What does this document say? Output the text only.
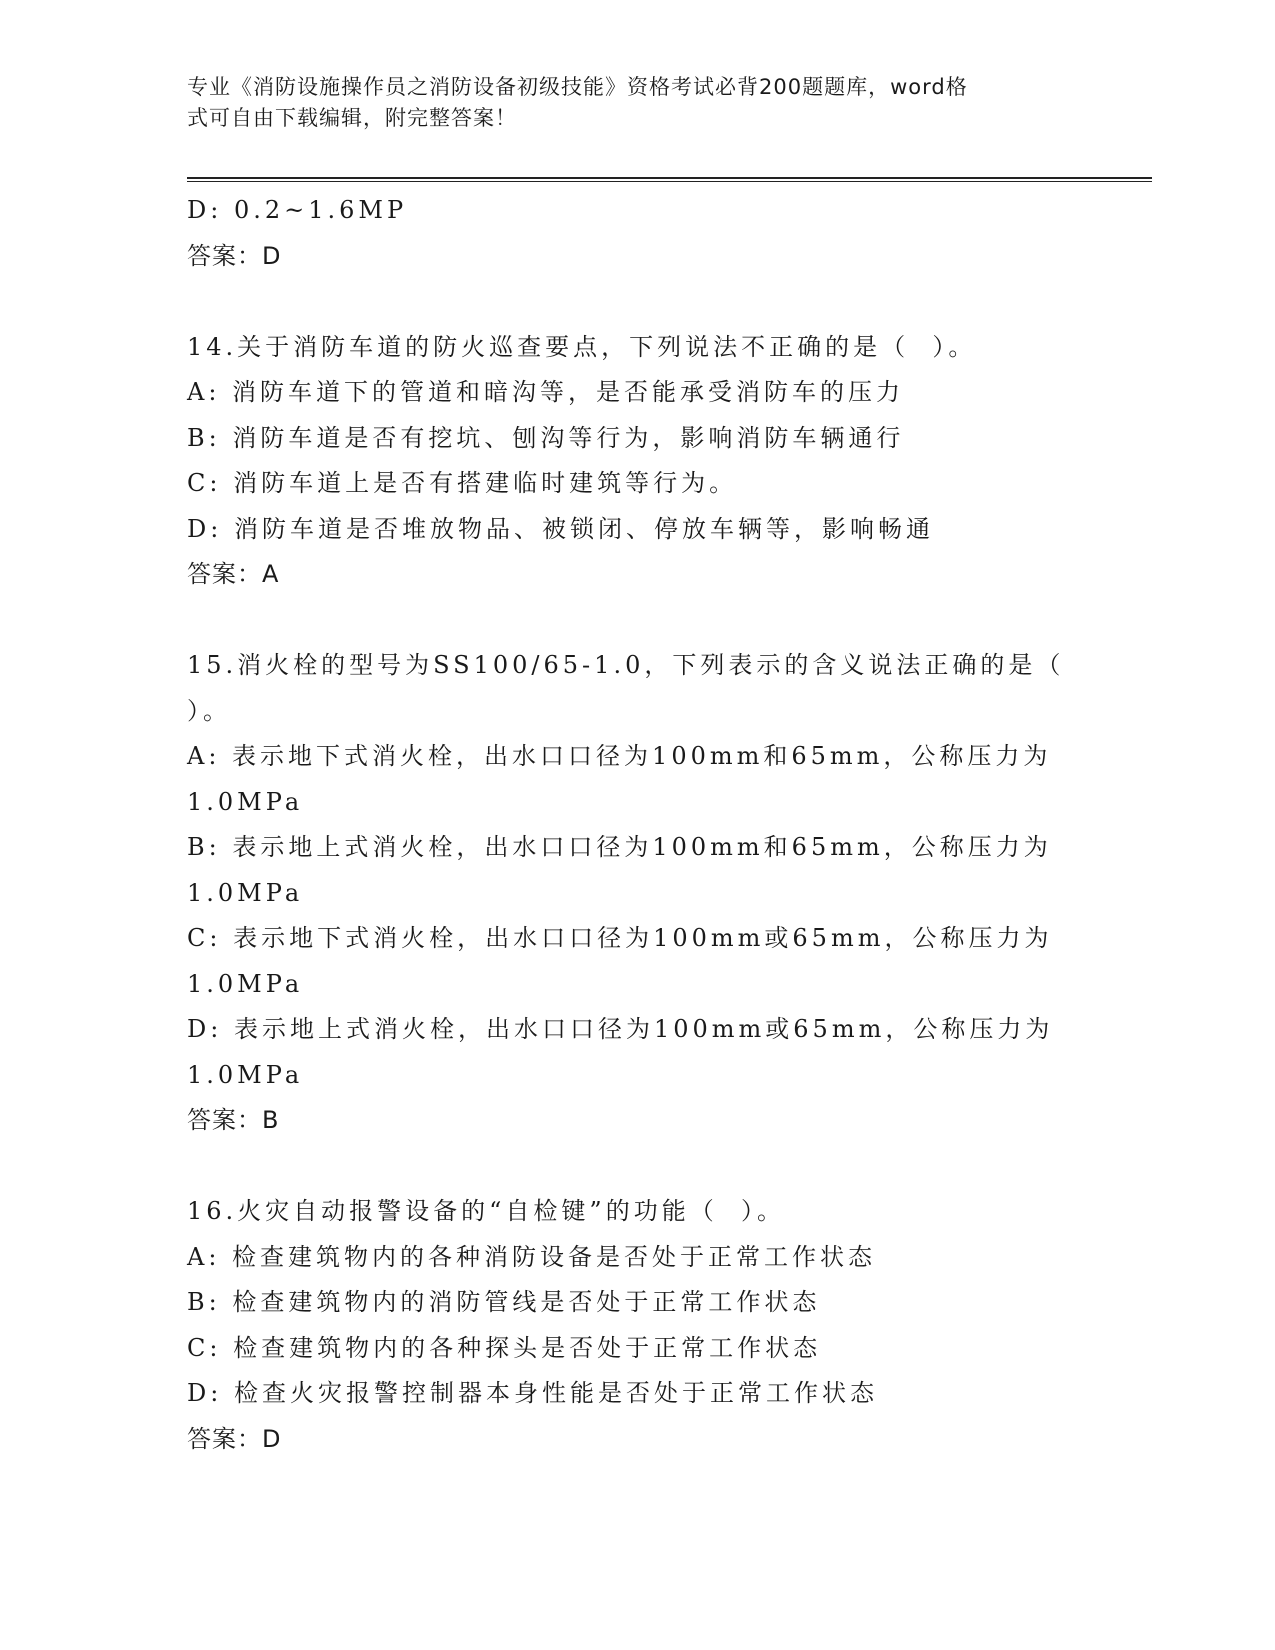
专业《消防设施操作员之消防设备初级技能》资格考试必背200题题库，word格
式可自由下载编辑，附完整答案！
D: 0.2~1.6MP
答案：D
14.关于消防车道的防火巡查要点，下列说法不正确的是（  ）。
A: 消防车道下的管道和暗沟等，是否能承受消防车的压力
B: 消防车道是否有挖坑、刨沟等行为，影响消防车辆通行
C: 消防车道上是否有搭建临时建筑等行为。
D: 消防车道是否堆放物品、被锁闭、停放车辆等，影响畅通
答案：A
15.消火栓的型号为SS100/65-1.0，下列表示的含义说法正确的是（
）。
A: 表示地下式消火栓，出水口口径为100mm和65mm，公称压力为
1.0MPa
B: 表示地上式消火栓，出水口口径为100mm和65mm，公称压力为
1.0MPa
C: 表示地下式消火栓，出水口口径为100mm或65mm，公称压力为
1.0MPa
D: 表示地上式消火栓，出水口口径为100mm或65mm，公称压力为
1.0MPa
答案：B
16.火灾自动报警设备的“自检键”的功能（  ）。
A: 检查建筑物内的各种消防设备是否处于正常工作状态
B: 检查建筑物内的消防管线是否处于正常工作状态
C: 检查建筑物内的各种探头是否处于正常工作状态
D: 检查火灾报警控制器本身性能是否处于正常工作状态
答案：D
